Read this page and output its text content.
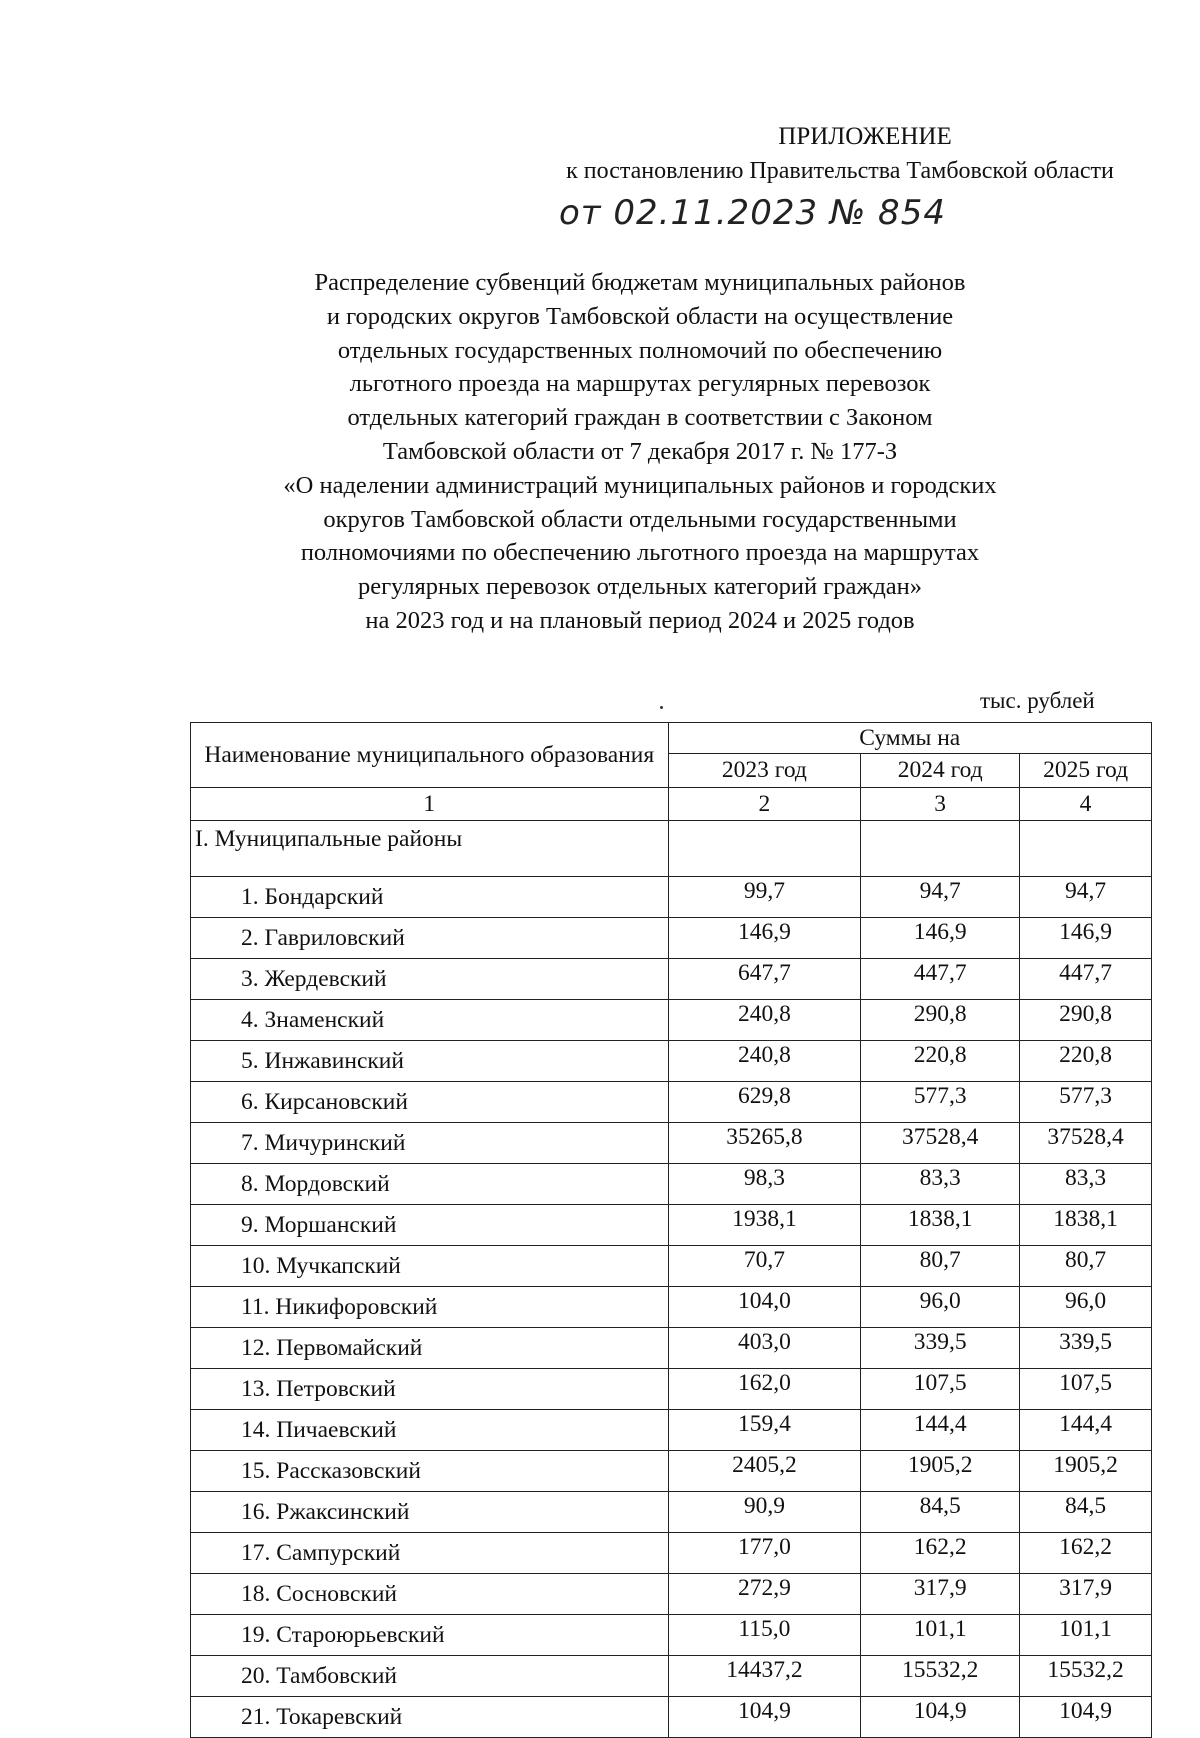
ПРИЛОЖЕНИЕ
к постановлению Правительства Тамбовской области
от 02.11.2023 № 854
Распределение субвенций бюджетам муниципальных районов
и городских округов Тамбовской области на осуществление
отдельных государственных полномочий по обеспечению
льготного проезда на маршрутах регулярных перевозок
отдельных категорий граждан в соответствии с Законом
Тамбовской области от 7 декабря 2017 г. № 177-З
«О наделении администраций муниципальных районов и городских
округов Тамбовской области отдельными государственными
полномочиями по обеспечению льготного проезда на маршрутах
регулярных перевозок отдельных категорий граждан»
на 2023 год и на плановый период 2024 и 2025 годов
тыс. рублей
Наименование муниципального образования	Суммы на		
	2023 год	2024 год	2025 год
1	2	3	4
I. Муниципальные районы			
1. Бондарский	99,7	94,7	94,7
2. Гавриловский	146,9	146,9	146,9
3. Жердевский	647,7	447,7	447,7
4. Знаменский	240,8	290,8	290,8
5. Инжавинский	240,8	220,8	220,8
6. Кирсановский	629,8	577,3	577,3
7. Мичуринский	35265,8	37528,4	37528,4
8. Мордовский	98,3	83,3	83,3
9. Моршанский	1938,1	1838,1	1838,1
10. Мучкапский	70,7	80,7	80,7
11. Никифоровский	104,0	96,0	96,0
12. Первомайский	403,0	339,5	339,5
13. Петровский	162,0	107,5	107,5
14. Пичаевский	159,4	144,4	144,4
15. Рассказовский	2405,2	1905,2	1905,2
16. Ржаксинский	90,9	84,5	84,5
17. Сампурский	177,0	162,2	162,2
18. Сосновский	272,9	317,9	317,9
19. Староюрьевский	115,0	101,1	101,1
20. Тамбовский	14437,2	15532,2	15532,2
21. Токаревский	104,9	104,9	104,9
